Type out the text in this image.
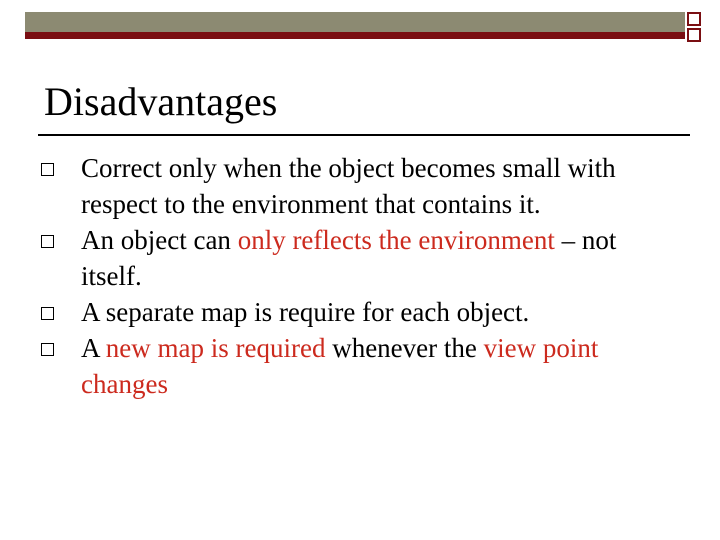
Disadvantages
Correct only when the object becomes small with respect to the environment that contains it.
An object can only reflects the environment – not itself.
A separate map is require for each object.
A new map is required whenever the view point changes
